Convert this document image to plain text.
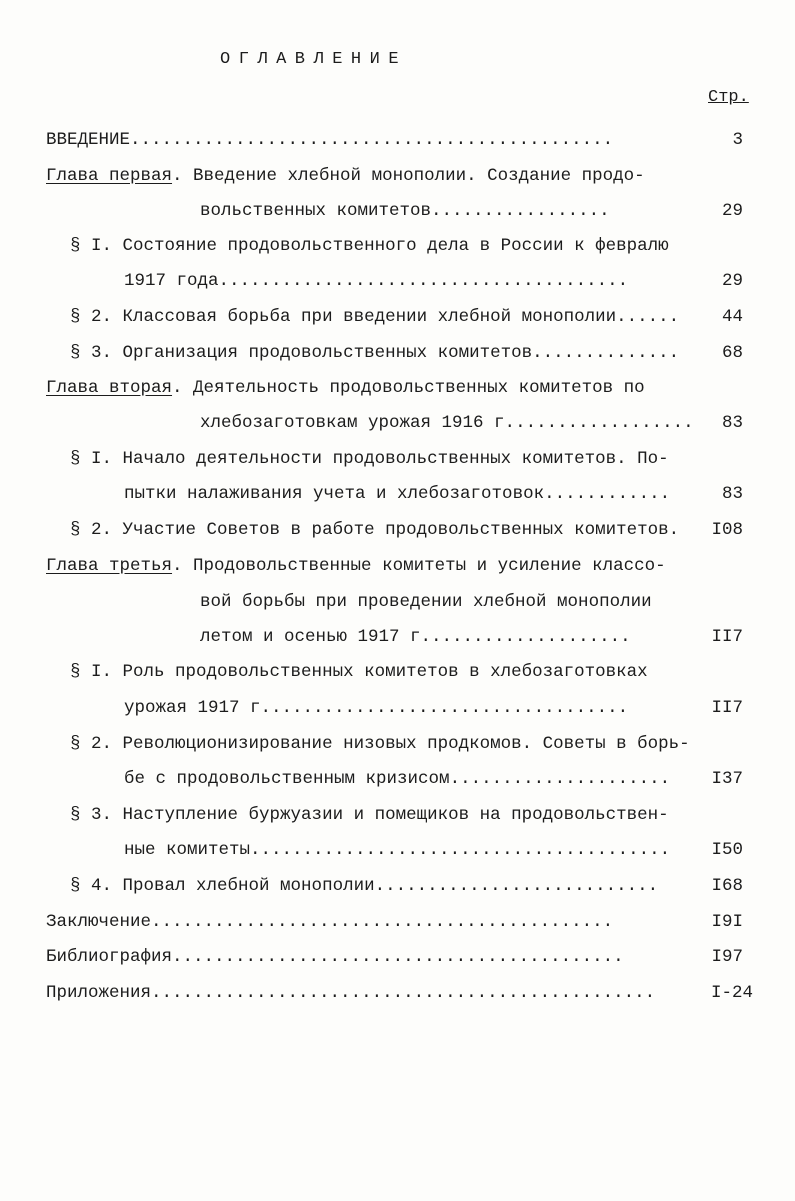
ОГЛАВЛЕНИЕ
Стр.
ВВЕДЕНИЕ..............................................	3
Глава первая. Введение хлебной монополии. Создание продо-
вольственных комитетов.................	29
§ I. Состояние продовольственного дела в России к февралю
1917 года.......................................	29
§ 2. Классовая борьба при введении хлебной монополии......	44
§ 3. Организация продовольственных комитетов..............	68
Глава вторая. Деятельность продовольственных комитетов по
хлебозаготовкам урожая 1916 г..................	83
§ I. Начало деятельности продовольственных комитетов. По-
пытки налаживания учета и хлебозаготовок............	83
§ 2. Участие Советов в работе продовольственных комитетов.	I08
Глава третья. Продовольственные комитеты и усиление классо-
вой борьбы при проведении хлебной монополии
летом и осенью 1917 г....................	II7
§ I. Роль продовольственных комитетов в хлебозаготовках
урожая 1917 г...................................	II7
§ 2. Революционизирование низовых продкомов. Советы в борь-
бе с продовольственным кризисом.....................	I37
§ 3. Наступление буржуазии и помещиков на продовольствен-
ные комитеты........................................	I50
§ 4. Провал хлебной монополии...........................	I68
Заключение............................................	I9I
Библиография...........................................	I97
Приложения................................................	I-24
